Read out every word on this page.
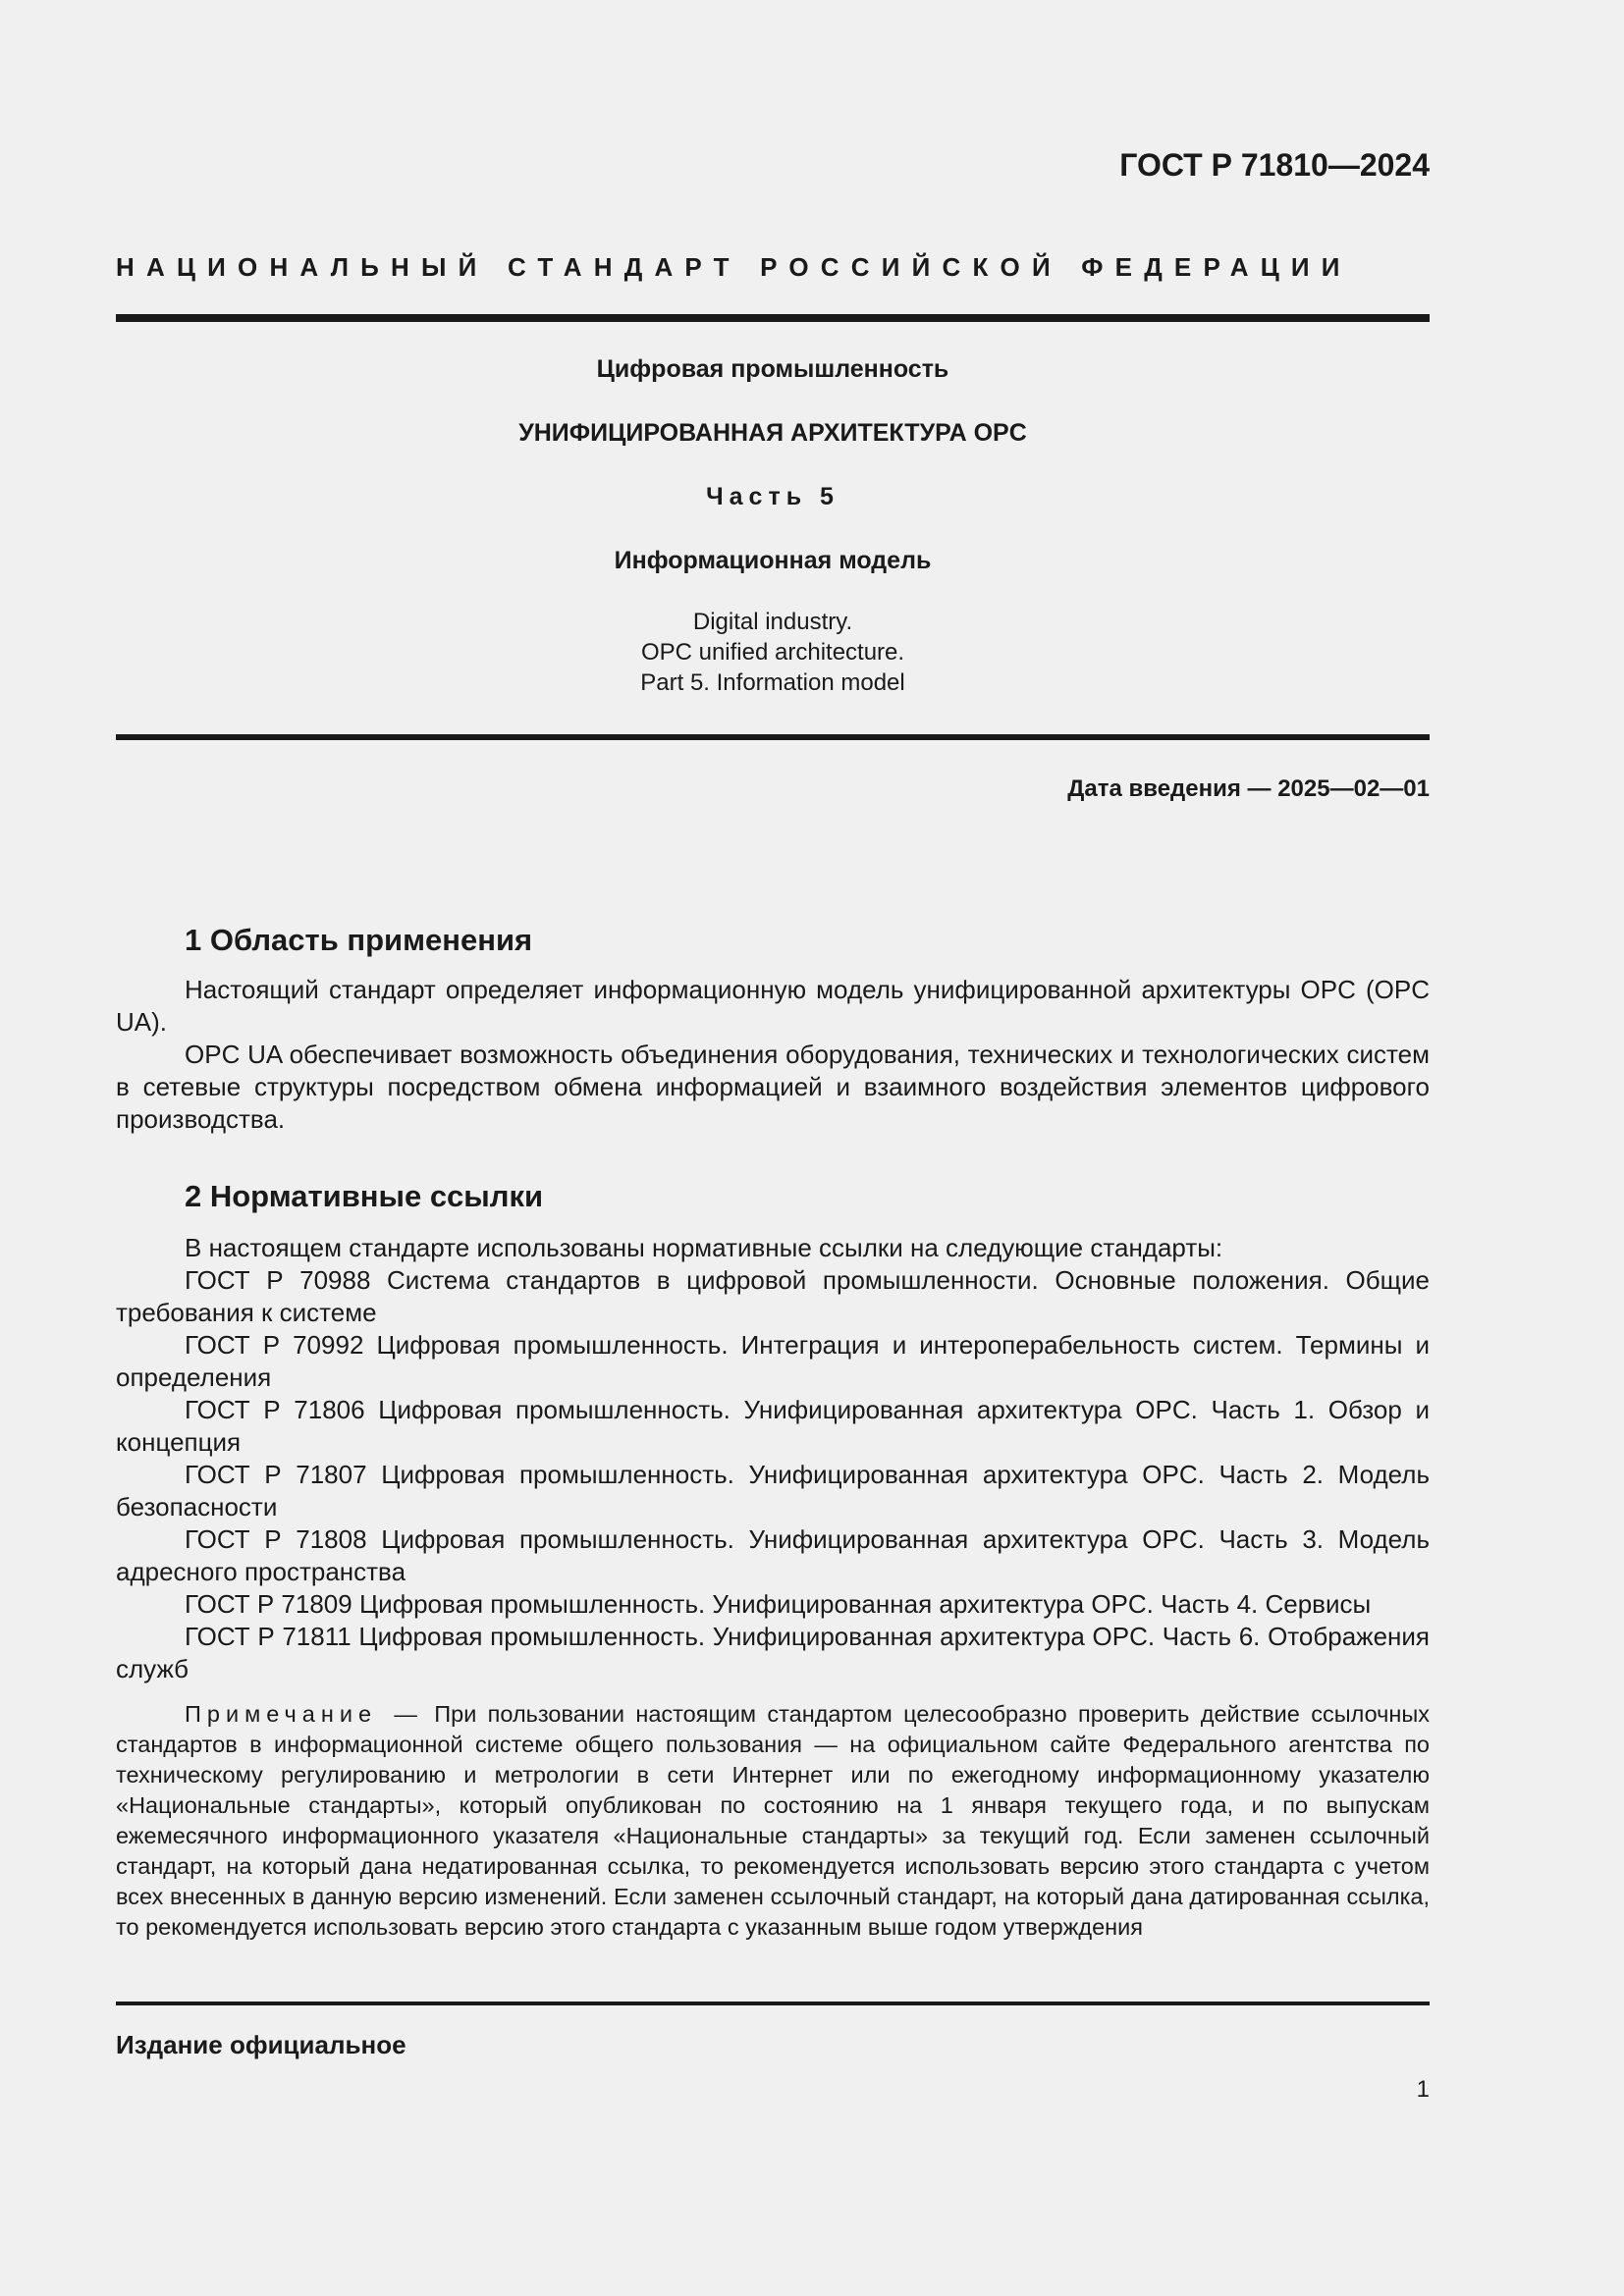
ГОСТ Р 71810—2024
НАЦИОНАЛЬНЫЙ СТАНДАРТ РОССИЙСКОЙ ФЕДЕРАЦИИ
Цифровая промышленность
УНИФИЦИРОВАННАЯ АРХИТЕКТУРА OPC
Часть 5
Информационная модель
Digital industry.
OPC unified architecture.
Part 5. Information model
Дата введения — 2025—02—01
1 Область применения

Настоящий стандарт определяет информационную модель унифицированной архитектуры OPC (OPC UA).

OPC UA обеспечивает возможность объединения оборудования, технических и технологических систем в сетевые структуры посредством обмена информацией и взаимного воздействия элементов цифрового производства.

2 Нормативные ссылки

В настоящем стандарте использованы нормативные ссылки на следующие стандарты:

ГОСТ Р 70988 Система стандартов в цифровой промышленности. Основные положения. Общие требования к системе

ГОСТ Р 70992 Цифровая промышленность. Интеграция и интероперабельность систем. Термины и определения

ГОСТ Р 71806 Цифровая промышленность. Унифицированная архитектура OPC. Часть 1. Обзор и концепция

ГОСТ Р 71807 Цифровая промышленность. Унифицированная архитектура OPC. Часть 2. Модель безопасности

ГОСТ Р 71808 Цифровая промышленность. Унифицированная архитектура OPC. Часть 3. Модель адресного пространства

ГОСТ Р 71809 Цифровая промышленность. Унифицированная архитектура OPC. Часть 4. Сервисы

ГОСТ Р 71811 Цифровая промышленность. Унифицированная архитектура OPC. Часть 6. Отображения служб

Примечание — При пользовании настоящим стандартом целесообразно проверить действие ссылочных стандартов в информационной системе общего пользования — на официальном сайте Федерального агентства по техническому регулированию и метрологии в сети Интернет или по ежегодному информационному указателю «Национальные стандарты», который опубликован по состоянию на 1 января текущего года, и по выпускам ежемесячного информационного указателя «Национальные стандарты» за текущий год. Если заменен ссылочный стандарт, на который дана недатированная ссылка, то рекомендуется использовать версию этого стандарта с учетом всех внесенных в данную версию изменений. Если заменен ссылочный стандарт, на который дана датированная ссылка, то рекомендуется использовать версию этого стандарта с указанным выше годом утверждения

Издание официальное
1
